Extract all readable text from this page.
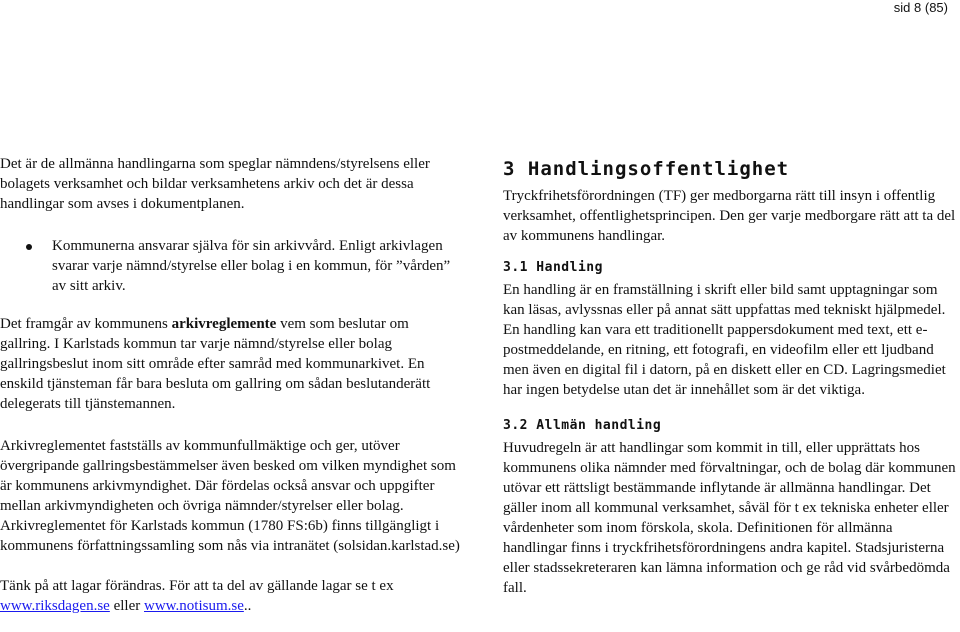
sid 8 (85)

Det är de allmänna handlingarna som speglar nämndens/styrelsens eller bolagets verksamhet och bildar verksamhetens arkiv och det är dessa handlingar som avses i dokumentplanen.

Kommunerna ansvarar själva för sin arkivvård. Enligt arkivlagen svarar varje nämnd/styrelse eller bolag i en kommun, för ”vården” av sitt arkiv.

Det framgår av kommunens arkivreglemente vem som beslutar om gallring. I Karlstads kommun tar varje nämnd/styrelse eller bolag gallringsbeslut inom sitt område efter samråd med kommunarkivet. En enskild tjänsteman får bara besluta om gallring om sådan beslutanderätt delegerats till tjänstemannen.

Arkivreglementet fastställs av kommunfullmäktige och ger, utöver övergripande gallringsbestämmelser även besked om vilken myndighet som är kommunens arkivmyndighet. Där fördelas också ansvar och uppgifter mellan arkivmyndigheten och övriga nämnder/styrelser eller bolag. Arkivreglementet för Karlstads kommun (1780 FS:6b) finns tillgängligt i kommunens författningssamling som nås via intranätet (solsidan.karlstad.se)

Tänk på att lagar förändras. För att ta del av gällande lagar se t ex
www.riksdagen.se eller www.notisum.se..

3 Handlingsoffentlighet

Tryckfrihetsförordningen (TF) ger medborgarna rätt till insyn i offentlig verksamhet, offentlighetsprincipen. Den ger varje medborgare rätt att ta del av kommunens handlingar.

3.1 Handling

En handling är en framställning i skrift eller bild samt upptagningar som kan läsas, avlyssnas eller på annat sätt uppfattas med tekniskt hjälpmedel. En handling kan vara ett traditionellt pappersdokument med text, ett e-postmeddelande, en ritning, ett fotografi, en videofilm eller ett ljudband men även en digital fil i datorn, på en diskett eller en CD. Lagringsmediet har ingen betydelse utan det är innehållet som är det viktiga.

3.2 Allmän handling

Huvudregeln är att handlingar som kommit in till, eller upprättats hos kommunens olika nämnder med förvaltningar, och de bolag där kommunen utövar ett rättsligt bestämmande inflytande är allmänna handlingar. Det gäller inom all kommunal verksamhet, såväl för t ex tekniska enheter eller vårdenheter som inom förskola, skola. Definitionen för allmänna handlingar finns i tryckfrihetsförordningens andra kapitel. Stadsjuristerna eller stadssekreteraren kan lämna information och ge råd vid svårbedömda fall.
